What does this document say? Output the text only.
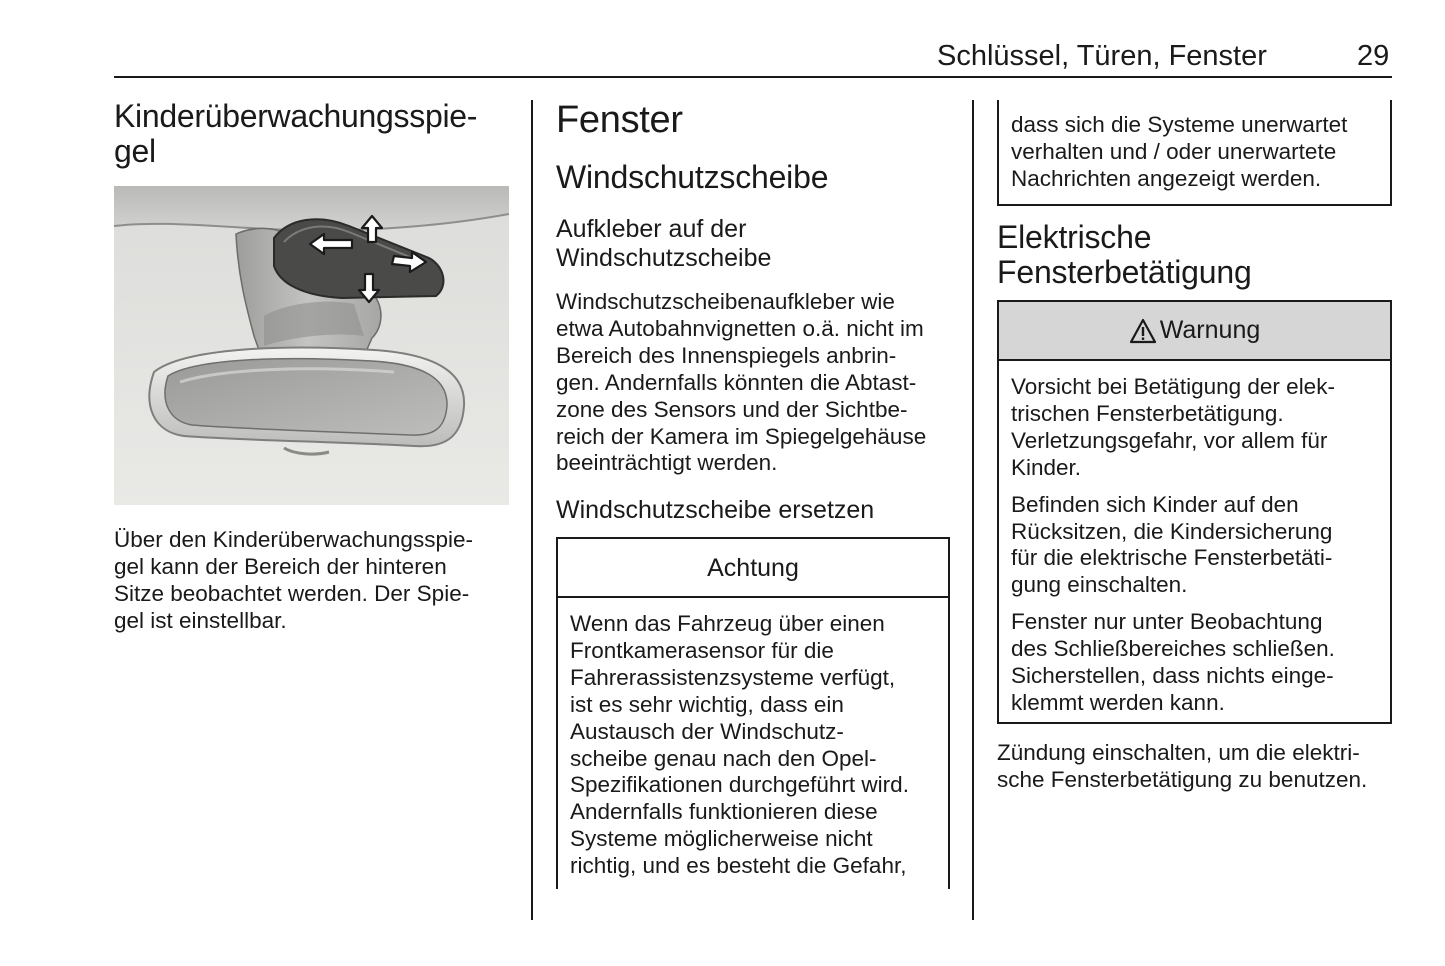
Schlüssel, Türen, Fenster	29
Kinderüberwachungsspie-
gel
Über den Kinderüberwachungsspie-
gel kann der Bereich der hinteren
Sitze beobachtet werden. Der Spie-
gel ist einstellbar.
Fenster
Windschutzscheibe
Aufkleber auf der
Windschutzscheibe
Windschutzscheibenaufkleber wie
etwa Autobahnvignetten o.ä. nicht im
Bereich des Innenspiegels anbrin-
gen. Andernfalls könnten die Abtast-
zone des Sensors und der Sichtbe-
reich der Kamera im Spiegelgehäuse
beeinträchtigt werden.
Windschutzscheibe ersetzen
Achtung
Wenn das Fahrzeug über einen
Frontkamerasensor für die
Fahrerassistenzsysteme verfügt,
ist es sehr wichtig, dass ein
Austausch der Windschutz-
scheibe genau nach den Opel-
Spezifikationen durchgeführt wird.
Andernfalls funktionieren diese
Systeme möglicherweise nicht
richtig, und es besteht die Gefahr,
dass sich die Systeme unerwartet
verhalten und / oder unerwartete
Nachrichten angezeigt werden.
Elektrische
Fensterbetätigung
Warnung
Vorsicht bei Betätigung der elek-
trischen Fensterbetätigung.
Verletzungsgefahr, vor allem für
Kinder.
Befinden sich Kinder auf den
Rücksitzen, die Kindersicherung
für die elektrische Fensterbetäti-
gung einschalten.
Fenster nur unter Beobachtung
des Schließbereiches schließen.
Sicherstellen, dass nichts einge-
klemmt werden kann.
Zündung einschalten, um die elektri-
sche Fensterbetätigung zu benutzen.
